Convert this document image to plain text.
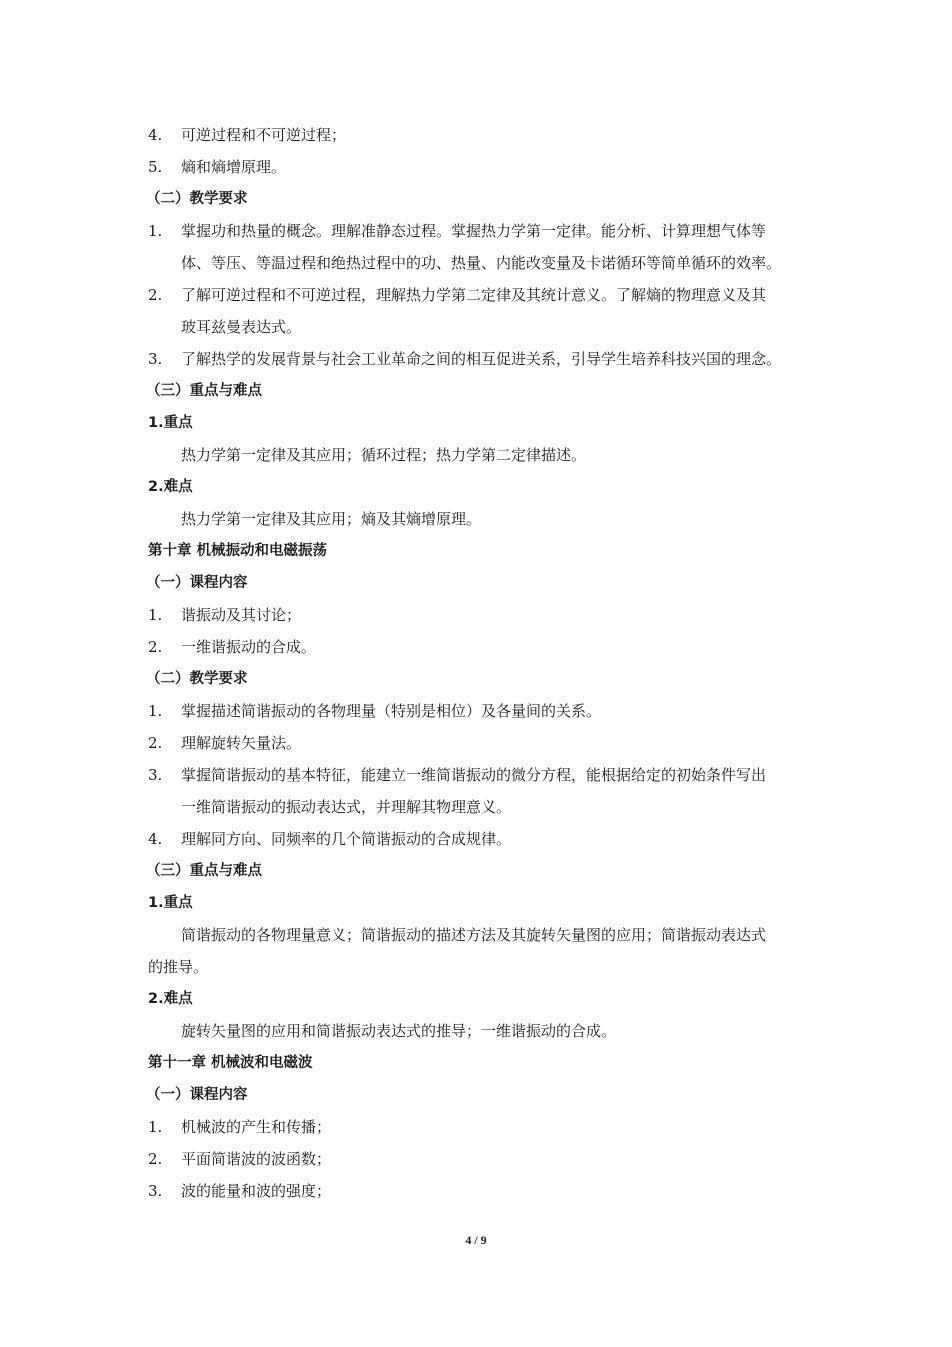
4. 可逆过程和不可逆过程；
5. 熵和熵增原理。
（二）教学要求
1. 掌握功和热量的概念。理解准静态过程。掌握热力学第一定律。能分析、计算理想气体等
体、等压、等温过程和绝热过程中的功、热量、内能改变量及卡诺循环等简单循环的效率。
2. 了解可逆过程和不可逆过程，理解热力学第二定律及其统计意义。了解熵的物理意义及其
玻耳兹曼表达式。
3. 了解热学的发展背景与社会工业革命之间的相互促进关系，引导学生培养科技兴国的理念。
（三）重点与难点
1.重点
热力学第一定律及其应用；循环过程；热力学第二定律描述。
2.难点
热力学第一定律及其应用；熵及其熵增原理。
第十章 机械振动和电磁振荡
（一）课程内容
1. 谐振动及其讨论；
2. 一维谐振动的合成。
（二）教学要求
1. 掌握描述简谐振动的各物理量（特别是相位）及各量间的关系。
2. 理解旋转矢量法。
3. 掌握简谐振动的基本特征，能建立一维简谐振动的微分方程，能根据给定的初始条件写出
一维简谐振动的振动表达式，并理解其物理意义。
4. 理解同方向、同频率的几个简谐振动的合成规律。
（三）重点与难点
1.重点
简谐振动的各物理量意义；简谐振动的描述方法及其旋转矢量图的应用；简谐振动表达式
的推导。
2.难点
旋转矢量图的应用和简谐振动表达式的推导；一维谐振动的合成。
第十一章 机械波和电磁波
（一）课程内容
1. 机械波的产生和传播；
2. 平面简谐波的波函数；
3. 波的能量和波的强度；
4 / 9
